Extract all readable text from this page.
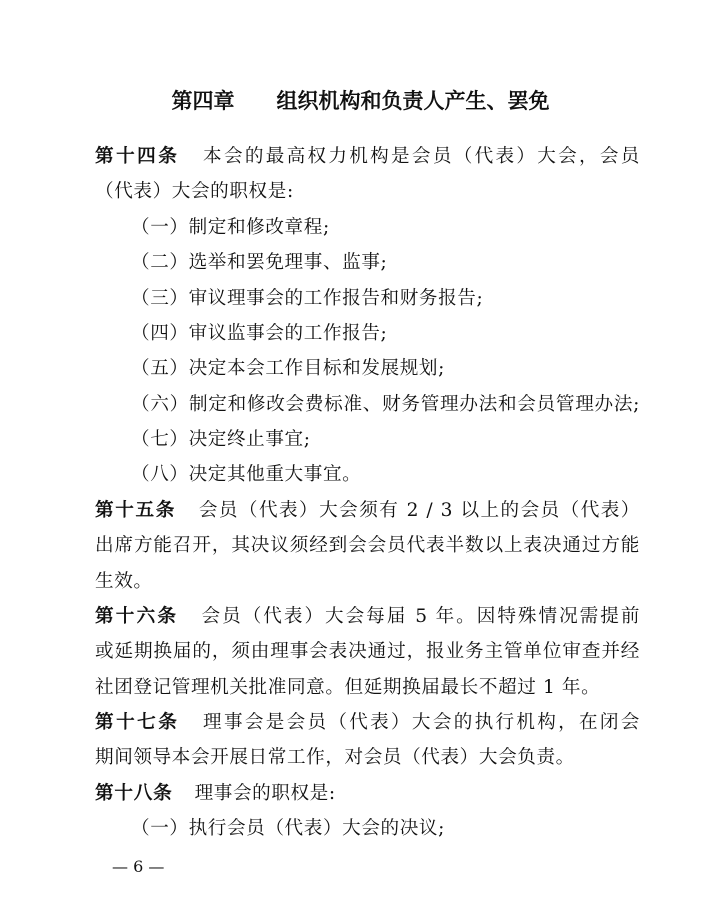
第四章　　组织机构和负责人产生、罢免
第十四条 本会的最高权力机构是会员（代表）大会，会员
（代表）大会的职权是:
（一）制定和修改章程;
（二）选举和罢免理事、监事;
（三）审议理事会的工作报告和财务报告;
（四）审议监事会的工作报告;
（五）决定本会工作目标和发展规划;
（六）制定和修改会费标准、财务管理办法和会员管理办法;
（七）决定终止事宜;
（八）决定其他重大事宜。
第十五条 会员（代表）大会须有 2 / 3 以上的会员（代表）
出席方能召开，其决议须经到会会员代表半数以上表决通过方能
生效。
第十六条 会员（代表）大会每届 5 年。因特殊情况需提前
或延期换届的，须由理事会表决通过，报业务主管单位审查并经
社团登记管理机关批准同意。但延期换届最长不超过 1 年。
第十七条 理事会是会员（代表）大会的执行机构，在闭会
期间领导本会开展日常工作，对会员（代表）大会负责。
第十八条 理事会的职权是:
（一）执行会员（代表）大会的决议;
— 6 —
